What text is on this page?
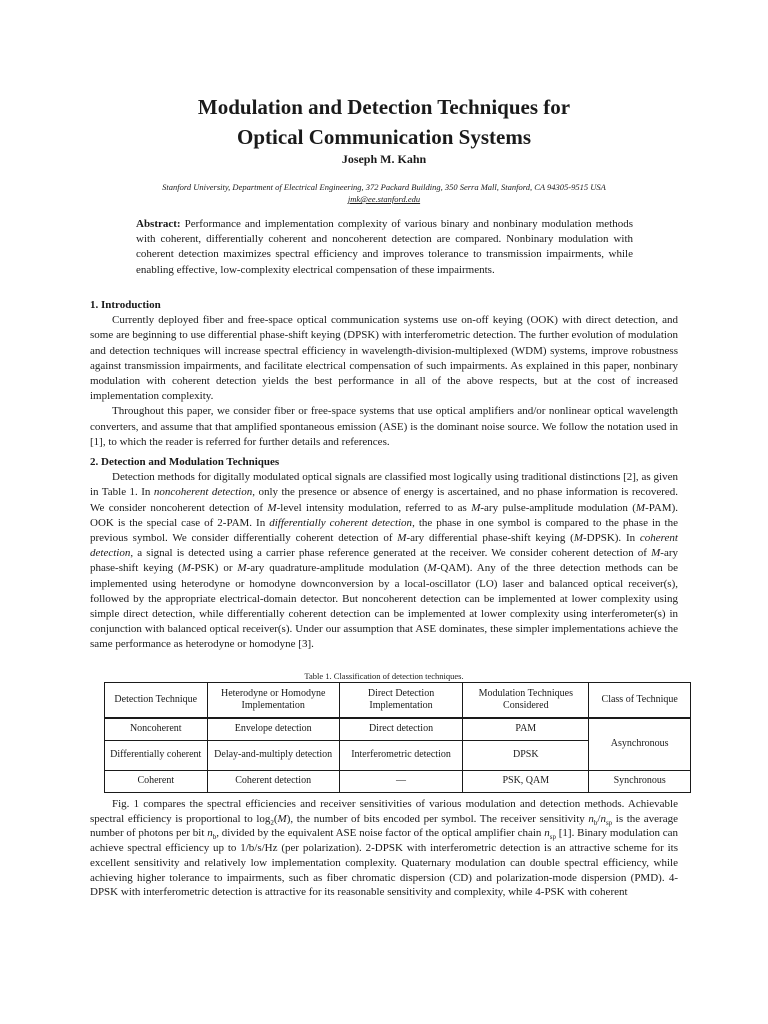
Modulation and Detection Techniques for
Optical Communication Systems
Joseph M. Kahn
Stanford University, Department of Electrical Engineering, 372 Packard Building, 350 Serra Mall, Stanford, CA 94305-9515 USA
jmk@ee.stanford.edu

Abstract: Performance and implementation complexity of various binary and nonbinary modulation methods with coherent, differentially coherent and noncoherent detection are compared. Nonbinary modulation with coherent detection maximizes spectral efficiency and improves tolerance to transmission impairments, while enabling effective, low-complexity electrical compensation of these impairments.

1. Introduction

Currently deployed fiber and free-space optical communication systems use on-off keying (OOK) with direct detection, and some are beginning to use differential phase-shift keying (DPSK) with interferometric detection. The further evolution of modulation and detection techniques will increase spectral efficiency in wavelength-division-multiplexed (WDM) systems, improve robustness against transmission impairments, and facilitate electrical compensation of such impairments. As explained in this paper, nonbinary modulation with coherent detection yields the best performance in all of the above respects, but at the cost of increased implementation complexity.

Throughout this paper, we consider fiber or free-space systems that use optical amplifiers and/or nonlinear optical wavelength converters, and assume that that amplified spontaneous emission (ASE) is the dominant noise source. We follow the notation used in [1], to which the reader is referred for further details and references.

2. Detection and Modulation Techniques

Detection methods for digitally modulated optical signals are classified most logically using traditional distinctions [2], as given in Table 1. In noncoherent detection, only the presence or absence of energy is ascertained, and no phase information is recovered. We consider noncoherent detection of M-level intensity modulation, referred to as M-ary pulse-amplitude modulation (M-PAM). OOK is the special case of 2-PAM. In differentially coherent detection, the phase in one symbol is compared to the phase in the previous symbol. We consider differentially coherent detection of M-ary differential phase-shift keying (M-DPSK). In coherent detection, a signal is detected using a carrier phase reference generated at the receiver. We consider coherent detection of M-ary phase-shift keying (M-PSK) or M-ary quadrature-amplitude modulation (M-QAM). Any of the three detection methods can be implemented using heterodyne or homodyne downconversion by a local-oscillator (LO) laser and balanced optical receiver(s), followed by the appropriate electrical-domain detector. But noncoherent detection can be implemented at lower complexity using simple direct detection, while differentially coherent detection can be implemented at lower complexity using interferometer(s) in conjunction with balanced optical receiver(s). Under our assumption that ASE dominates, these simpler implementations achieve the same performance as heterodyne or homodyne [3].

Table 1. Classification of detection techniques.
Detection Technique	Heterodyne or Homodyne Implementation	Direct Detection Implementation	Modulation Techniques Considered	Class of Technique
Noncoherent	Envelope detection	Direct detection	PAM	Asynchronous
Differentially coherent	Delay-and-multiply detection	Interferometric detection	DPSK	
Coherent	Coherent detection	—	PSK, QAM	Synchronous

Fig. 1 compares the spectral efficiencies and receiver sensitivities of various modulation and detection methods. Achievable spectral efficiency is proportional to $\log_2(M)$, the number of bits encoded per symbol. The receiver sensitivity $n_b/n_{sp}$ is the average number of photons per bit $n_b$, divided by the equivalent ASE noise factor of the optical amplifier chain $n_{sp}$ [1]. Binary modulation can achieve spectral efficiency up to 1/b/s/Hz (per polarization). 2-DPSK with interferometric detection is an attractive scheme for its excellent sensitivity and relatively low implementation complexity. Quaternary modulation can double spectral efficiency, while achieving higher tolerance to impairments, such as fiber chromatic dispersion (CD) and polarization-mode dispersion (PMD). 4-DPSK with interferometric detection is attractive for its reasonable sensitivity and complexity, while 4-PSK with coherent
